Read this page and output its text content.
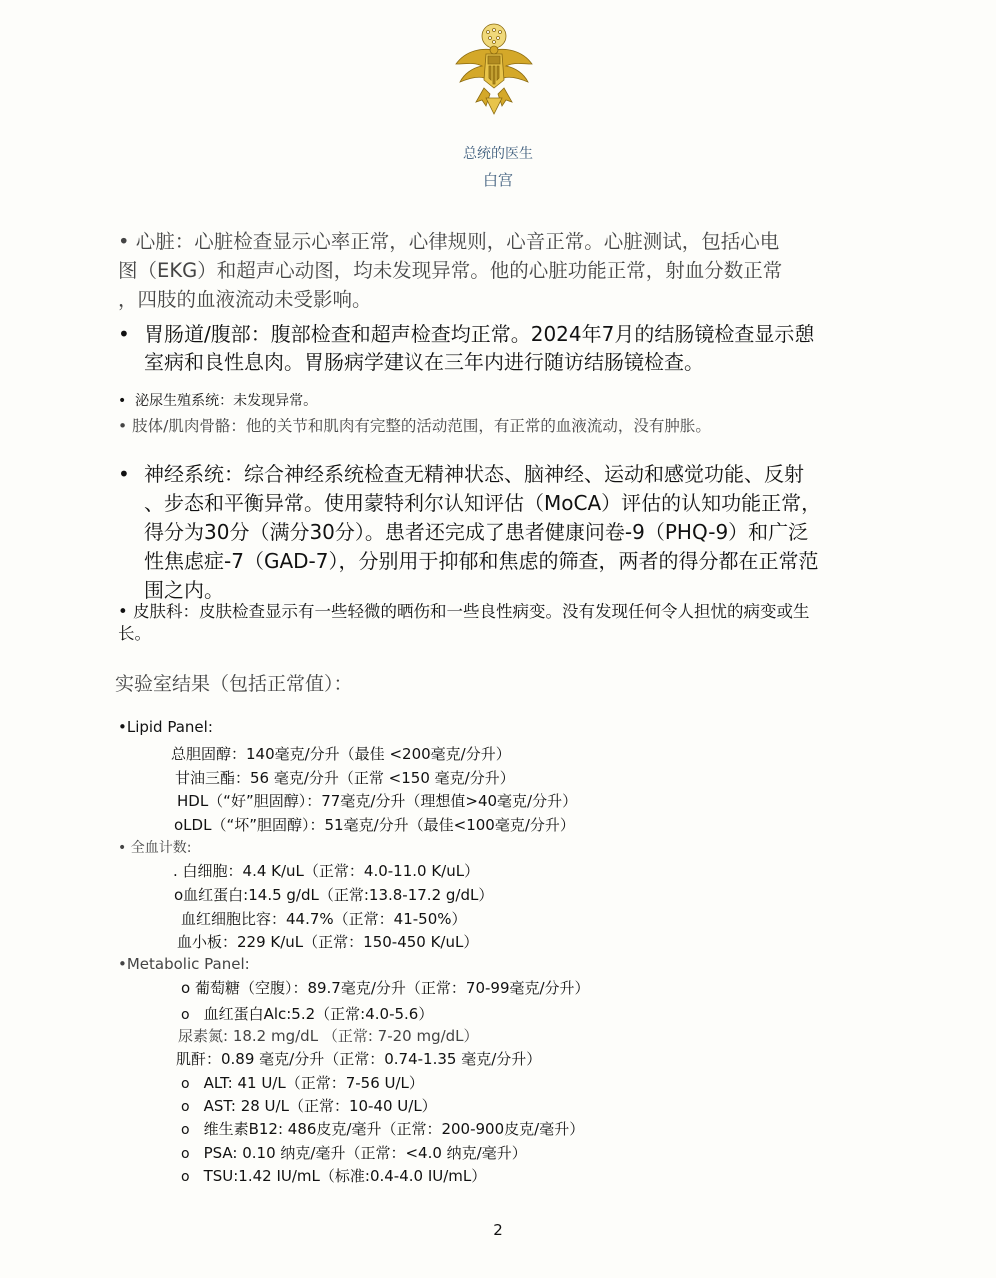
总统的医生
白宫
• 心脏：心脏检查显示心率正常，心律规则，心音正常。心脏测试，包括心电
图（EKG）和超声心动图，均未发现异常。他的心脏功能正常，射血分数正常
，四肢的血液流动未受影响。
• 胃肠道/腹部：腹部检查和超声检查均正常。2024年7月的结肠镜检查显示憩
室病和良性息肉。胃肠病学建议在三年内进行随访结肠镜检查。
• 泌尿生殖系统：未发现异常。
• 肢体/肌肉骨骼：他的关节和肌肉有完整的活动范围，有正常的血液流动，没有肿胀。
• 神经系统：综合神经系统检查无精神状态、脑神经、运动和感觉功能、反射
、步态和平衡异常。使用蒙特利尔认知评估（MoCA）评估的认知功能正常，
得分为30分（满分30分）。患者还完成了患者健康问卷-9（PHQ-9）和广泛
性焦虑症-7（GAD-7），分别用于抑郁和焦虑的筛查，两者的得分都在正常范
围之内。
• 皮肤科：皮肤检查显示有一些轻微的晒伤和一些良性病变。没有发现任何令人担忧的病变或生
长。
实验室结果（包括正常值）：
•Lipid Panel:
总胆固醇：140毫克/分升（最佳 <200毫克/分升）
甘油三酯：56 毫克/分升（正常 <150 毫克/分升）
HDL（“好”胆固醇）：77毫克/分升（理想值>40毫克/分升）
oLDL（“坏”胆固醇）：51毫克/分升（最佳<100毫克/分升）
• 全血计数:
. 白细胞：4.4 K/uL（正常：4.0-11.0 K/uL）
o血红蛋白:14.5 g/dL（正常:13.8-17.2 g/dL）
血红细胞比容：44.7%（正常：41-50%）
血小板：229 K/uL（正常：150-450 K/uL）
•Metabolic Panel:
o 葡萄糖（空腹）：89.7毫克/分升（正常：70-99毫克/分升）
o 血红蛋白Alc:5.2（正常:4.0-5.6）
尿素氮: 18.2 mg/dL （正常: 7-20 mg/dL）
肌酐：0.89 毫克/分升（正常：0.74-1.35 毫克/分升）
o ALT: 41 U/L（正常：7-56 U/L）
o AST: 28 U/L（正常：10-40 U/L）
o 维生素B12: 486皮克/毫升（正常：200-900皮克/毫升）
o PSA: 0.10 纳克/毫升（正常：<4.0 纳克/毫升）
o TSU:1.42 IU/mL（标准:0.4-4.0 IU/mL）
2
